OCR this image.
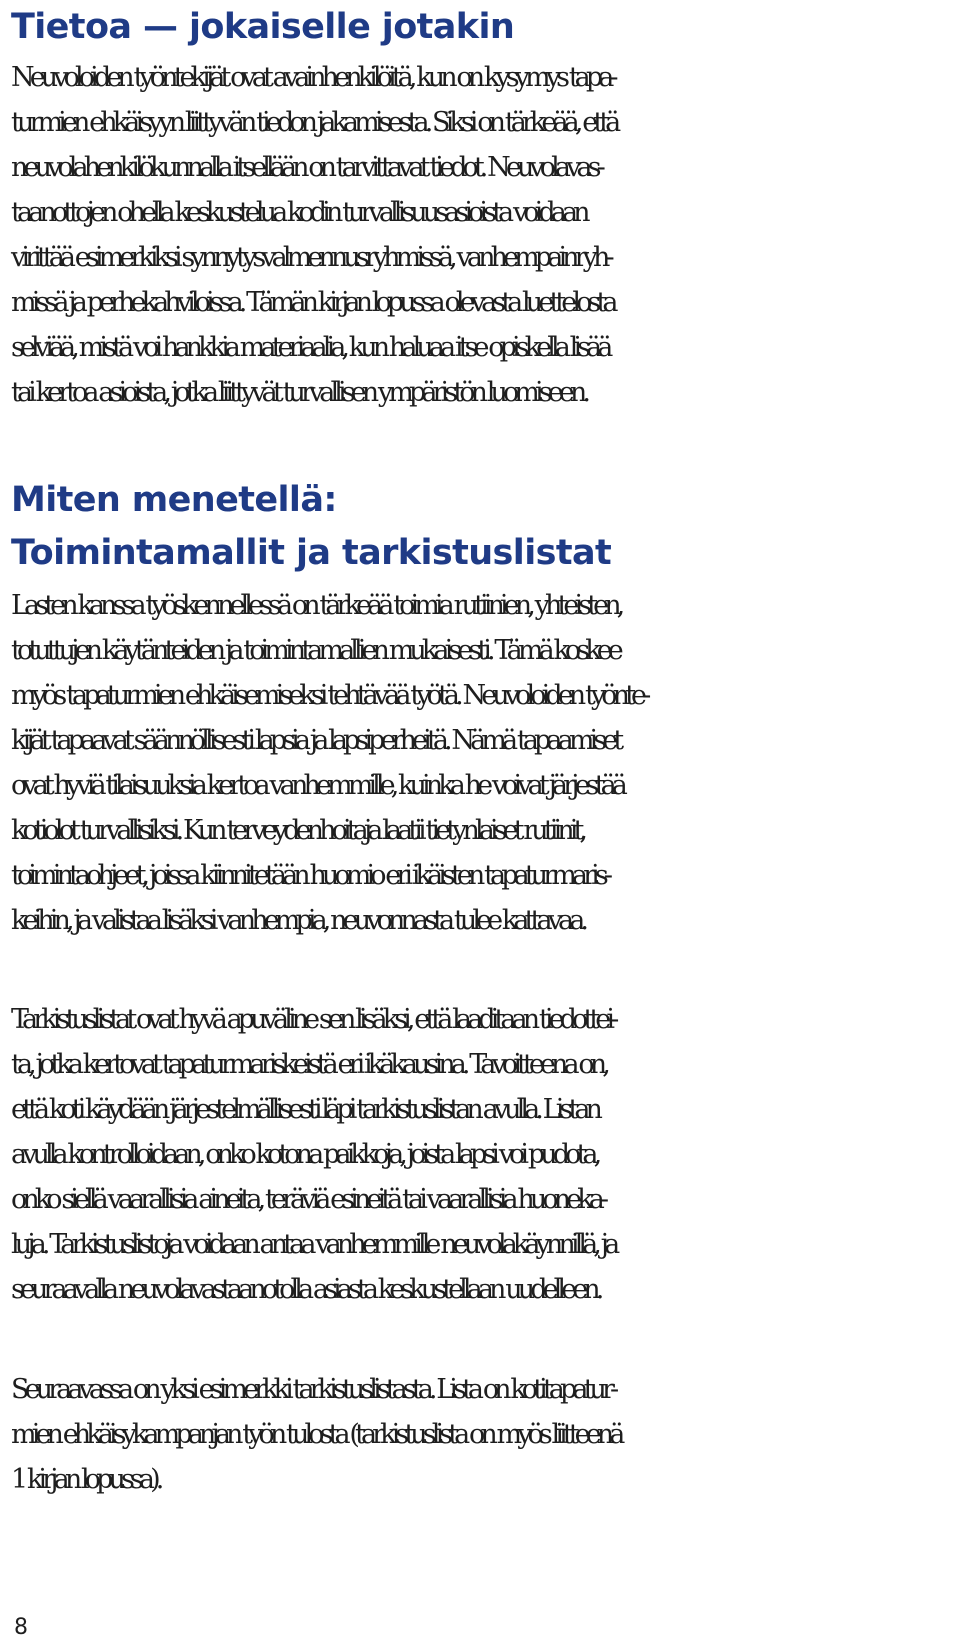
Tietoa — jokaiselle jotakin
Neuvoloiden työntekijät ovat avainhenkilöitä, kun on kysymys tapa-
turmien ehkäisyyn liittyvän tiedon jakamisesta. Siksi on tärkeää, että
neuvolahenkilökunnalla itsellään on tarvittavat tiedot. Neuvolavas-
taanottojen ohella keskustelua kodin turvallisuusasioista voidaan
virittää esimerkiksi synnytysvalmennusryhmissä, vanhempainryh-
missä ja perhekahviloissa. Tämän kirjan lopussa olevasta luettelosta
selviää, mistä voi hankkia materiaalia, kun haluaa itse opiskella lisää
tai kertoa asioista, jotka liittyvät turvallisen ympäristön luomiseen.
Miten menetellä:
Toimintamallit ja tarkistuslistat
Lasten kanssa työskennellessä on tärkeää toimia rutiinien, yhteisten,
totuttujen käytänteiden ja toimintamallien mukaisesti. Tämä koskee
myös tapaturmien ehkäisemiseksi tehtävää työtä. Neuvoloiden työnte-
kijät tapaavat säännöllisesti lapsia ja lapsiperheitä. Nämä tapaamiset
ovat hyviä tilaisuuksia kertoa vanhemmille, kuinka he voivat järjestää
kotiolot turvallisiksi. Kun terveydenhoitaja laatii tietynlaiset rutiinit,
toimintaohjeet, joissa kiinnitetään huomio eri ikäisten tapaturmaris-
keihin, ja valistaa lisäksi vanhempia, neuvonnasta tulee kattavaa.
Tarkistuslistat ovat hyvä apuväline sen lisäksi, että laaditaan tiedottei-
ta, jotka kertovat tapaturmariskeistä eri ikäkausina. Tavoitteena on,
että koti käydään järjestelmällisesti läpi tarkistuslistan avulla. Listan
avulla kontrolloidaan, onko kotona paikkoja, joista lapsi voi pudota,
onko siellä vaarallisia aineita, teräviä esineitä tai vaarallisia huoneka-
luja. Tarkistuslistoja voidaan antaa vanhemmille neuvolakäynnillä, ja
seuraavalla neuvolavastaanotolla asiasta keskustellaan uudelleen.
Seuraavassa on yksi esimerkki tarkistuslistasta. Lista on kotitapatur-
mien ehkäisykampanjan työn tulosta (tarkistuslista on myös liitteenä
1 kirjan lopussa).
8
